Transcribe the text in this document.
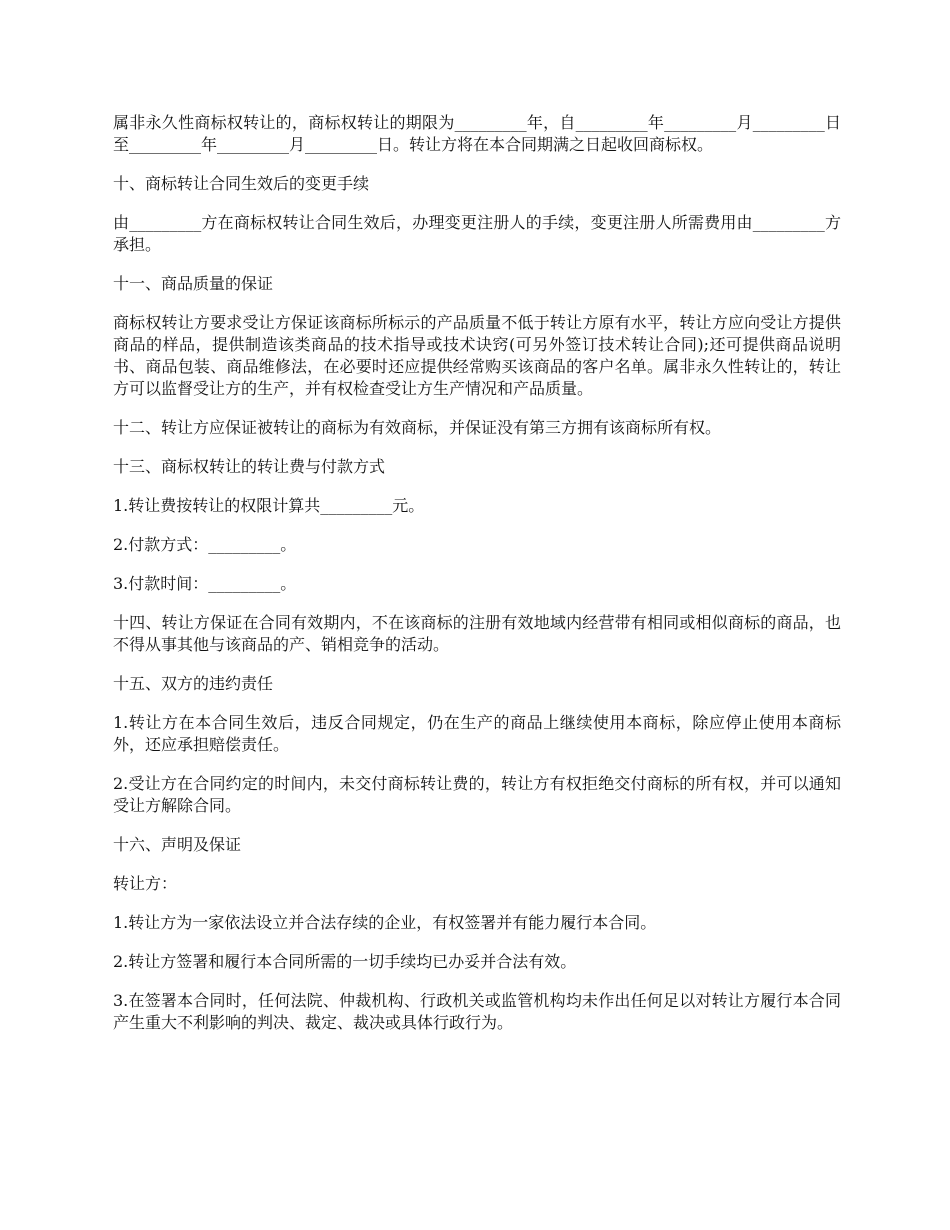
属非永久性商标权转让的，商标权转让的期限为_________年，自_________年_________月_________日至_________年_________月_________日。转让方将在本合同期满之日起收回商标权。

十、商标转让合同生效后的变更手续

由_________方在商标权转让合同生效后，办理变更注册人的手续，变更注册人所需费用由_________方承担。

十一、商品质量的保证

商标权转让方要求受让方保证该商标所标示的产品质量不低于转让方原有水平，转让方应向受让方提供商品的样品，提供制造该类商品的技术指导或技术诀窍(可另外签订技术转让合同);还可提供商品说明书、商品包装、商品维修法，在必要时还应提供经常购买该商品的客户名单。属非永久性转让的，转让方可以监督受让方的生产，并有权检查受让方生产情况和产品质量。

十二、转让方应保证被转让的商标为有效商标，并保证没有第三方拥有该商标所有权。

十三、商标权转让的转让费与付款方式

1.转让费按转让的权限计算共_________元。

2.付款方式：_________。

3.付款时间：_________。

十四、转让方保证在合同有效期内，不在该商标的注册有效地域内经营带有相同或相似商标的商品，也不得从事其他与该商品的产、销相竞争的活动。

十五、双方的违约责任

1.转让方在本合同生效后，违反合同规定，仍在生产的商品上继续使用本商标，除应停止使用本商标外，还应承担赔偿责任。

2.受让方在合同约定的时间内，未交付商标转让费的，转让方有权拒绝交付商标的所有权，并可以通知受让方解除合同。

十六、声明及保证

转让方：

1.转让方为一家依法设立并合法存续的企业，有权签署并有能力履行本合同。

2.转让方签署和履行本合同所需的一切手续均已办妥并合法有效。

3.在签署本合同时，任何法院、仲裁机构、行政机关或监管机构均未作出任何足以对转让方履行本合同产生重大不利影响的判决、裁定、裁决或具体行政行为。
